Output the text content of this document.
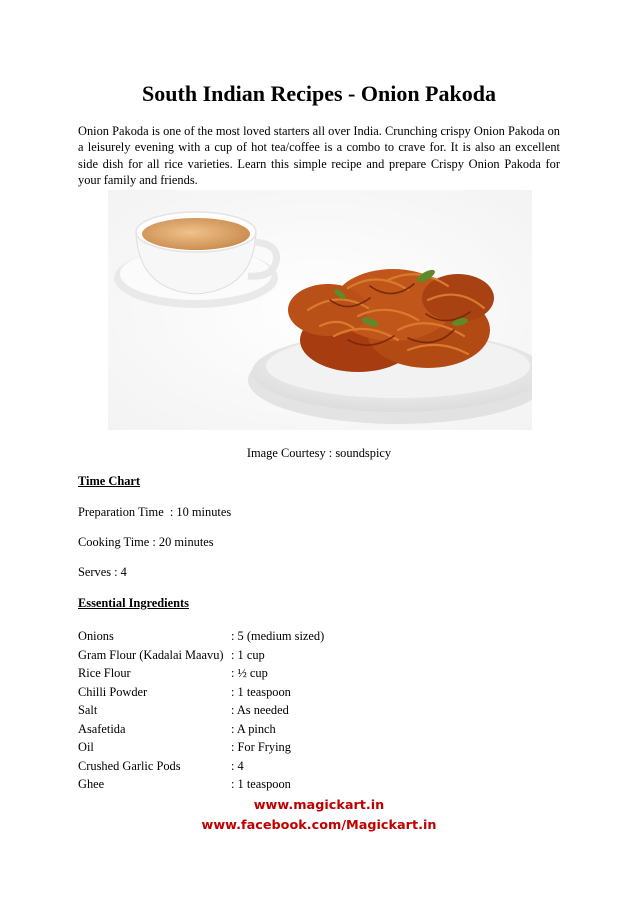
South Indian Recipes - Onion Pakoda

Onion Pakoda is one of the most loved starters all over India. Crunching crispy Onion Pakoda on a leisurely evening with a cup of hot tea/coffee is a combo to crave for. It is also an excellent side dish for all rice varieties. Learn this simple recipe and prepare Crispy Onion Pakoda for your family and friends.

Image Courtesy : soundspicy

Time Chart

Preparation Time  : 10 minutes

Cooking Time : 20 minutes

Serves : 4

Essential Ingredients

Onions	: 5 (medium sized)
Gram Flour (Kadalai Maavu)	: 1 cup
Rice Flour	: ½ cup
Chilli Powder	: 1 teaspoon
Salt	: As needed
Asafetida	: A pinch
Oil	: For Frying
Crushed Garlic Pods	: 4
Ghee	: 1 teaspoon

www.magickart.in

www.facebook.com/Magickart.in
